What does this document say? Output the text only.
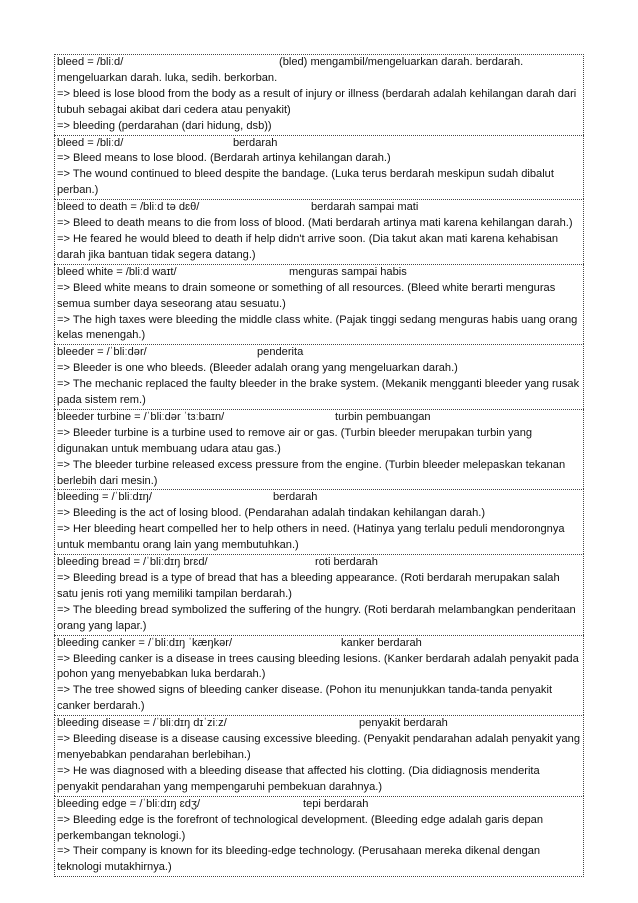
bleed = /bliːd/	(bled) mengambil/mengeluarkan darah. berdarah.
mengeluarkan darah. luka, sedih. berkorban.
=> bleed is lose blood from the body as a result of injury or illness (berdarah adalah kehilangan darah dari tubuh sebagai akibat dari cedera atau penyakit)
=> bleeding (perdarahan (dari hidung, dsb))
bleed = /bliːd/	berdarah
=> Bleed means to lose blood. (Berdarah artinya kehilangan darah.)
=> The wound continued to bleed despite the bandage. (Luka terus berdarah meskipun sudah dibalut perban.)
bleed to death = /bliːd tə dɛθ/	berdarah sampai mati
=> Bleed to death means to die from loss of blood. (Mati berdarah artinya mati karena kehilangan darah.)
=> He feared he would bleed to death if help didn't arrive soon. (Dia takut akan mati karena kehabisan darah jika bantuan tidak segera datang.)
bleed white = /bliːd waɪt/	menguras sampai habis
=> Bleed white means to drain someone or something of all resources. (Bleed white berarti menguras semua sumber daya seseorang atau sesuatu.)
=> The high taxes were bleeding the middle class white. (Pajak tinggi sedang menguras habis uang orang kelas menengah.)
bleeder = /ˈbliːdər/	penderita
=> Bleeder is one who bleeds. (Bleeder adalah orang yang mengeluarkan darah.)
=> The mechanic replaced the faulty bleeder in the brake system. (Mekanik mengganti bleeder yang rusak pada sistem rem.)
bleeder turbine = /ˈbliːdər ˈtɜːbaɪn/	turbin pembuangan
=> Bleeder turbine is a turbine used to remove air or gas. (Turbin bleeder merupakan turbin yang digunakan untuk membuang udara atau gas.)
=> The bleeder turbine released excess pressure from the engine. (Turbin bleeder melepaskan tekanan berlebih dari mesin.)
bleeding = /ˈbliːdɪŋ/	berdarah
=> Bleeding is the act of losing blood. (Pendarahan adalah tindakan kehilangan darah.)
=> Her bleeding heart compelled her to help others in need. (Hatinya yang terlalu peduli mendorongnya untuk membantu orang lain yang membutuhkan.)
bleeding bread = /ˈbliːdɪŋ brɛd/	roti berdarah
=> Bleeding bread is a type of bread that has a bleeding appearance. (Roti berdarah merupakan salah satu jenis roti yang memiliki tampilan berdarah.)
=> The bleeding bread symbolized the suffering of the hungry. (Roti berdarah melambangkan penderitaan orang yang lapar.)
bleeding canker = /ˈbliːdɪŋ ˈkæŋkər/	kanker berdarah
=> Bleeding canker is a disease in trees causing bleeding lesions. (Kanker berdarah adalah penyakit pada pohon yang menyebabkan luka berdarah.)
=> The tree showed signs of bleeding canker disease. (Pohon itu menunjukkan tanda-tanda penyakit canker berdarah.)
bleeding disease = /ˈbliːdɪŋ dɪˈziːz/	penyakit berdarah
=> Bleeding disease is a disease causing excessive bleeding. (Penyakit pendarahan adalah penyakit yang menyebabkan pendarahan berlebihan.)
=> He was diagnosed with a bleeding disease that affected his clotting. (Dia didiagnosis menderita penyakit pendarahan yang mempengaruhi pembekuan darahnya.)
bleeding edge = /ˈbliːdɪŋ ɛdʒ/	tepi berdarah
=> Bleeding edge is the forefront of technological development. (Bleeding edge adalah garis depan perkembangan teknologi.)
=> Their company is known for its bleeding-edge technology. (Perusahaan mereka dikenal dengan teknologi mutakhirnya.)
